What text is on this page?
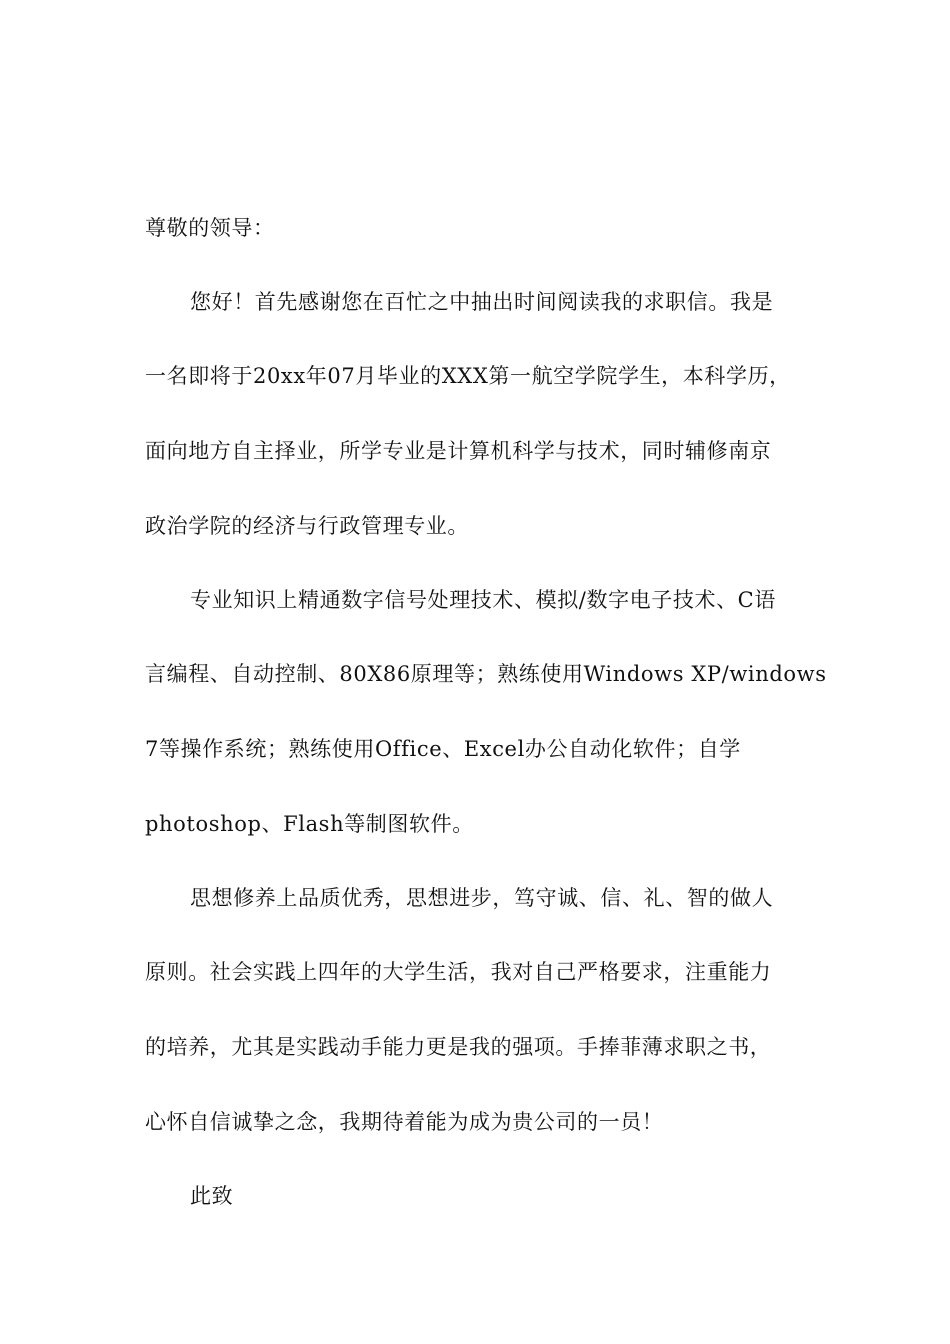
尊敬的领导：
您好！首先感谢您在百忙之中抽出时间阅读我的求职信。我是
一名即将于20xx年07月毕业的XXX第一航空学院学生，本科学历，
面向地方自主择业，所学专业是计算机科学与技术，同时辅修南京
政治学院的经济与行政管理专业。
专业知识上精通数字信号处理技术、模拟/数字电子技术、C语
言编程、自动控制、80X86原理等；熟练使用Windows XP/windows
7等操作系统；熟练使用Office、Excel办公自动化软件；自学
photoshop、Flash等制图软件。
思想修养上品质优秀，思想进步，笃守诚、信、礼、智的做人
原则。社会实践上四年的大学生活，我对自己严格要求，注重能力
的培养，尤其是实践动手能力更是我的强项。手捧菲薄求职之书，
心怀自信诚挚之念，我期待着能为成为贵公司的一员！
此致
